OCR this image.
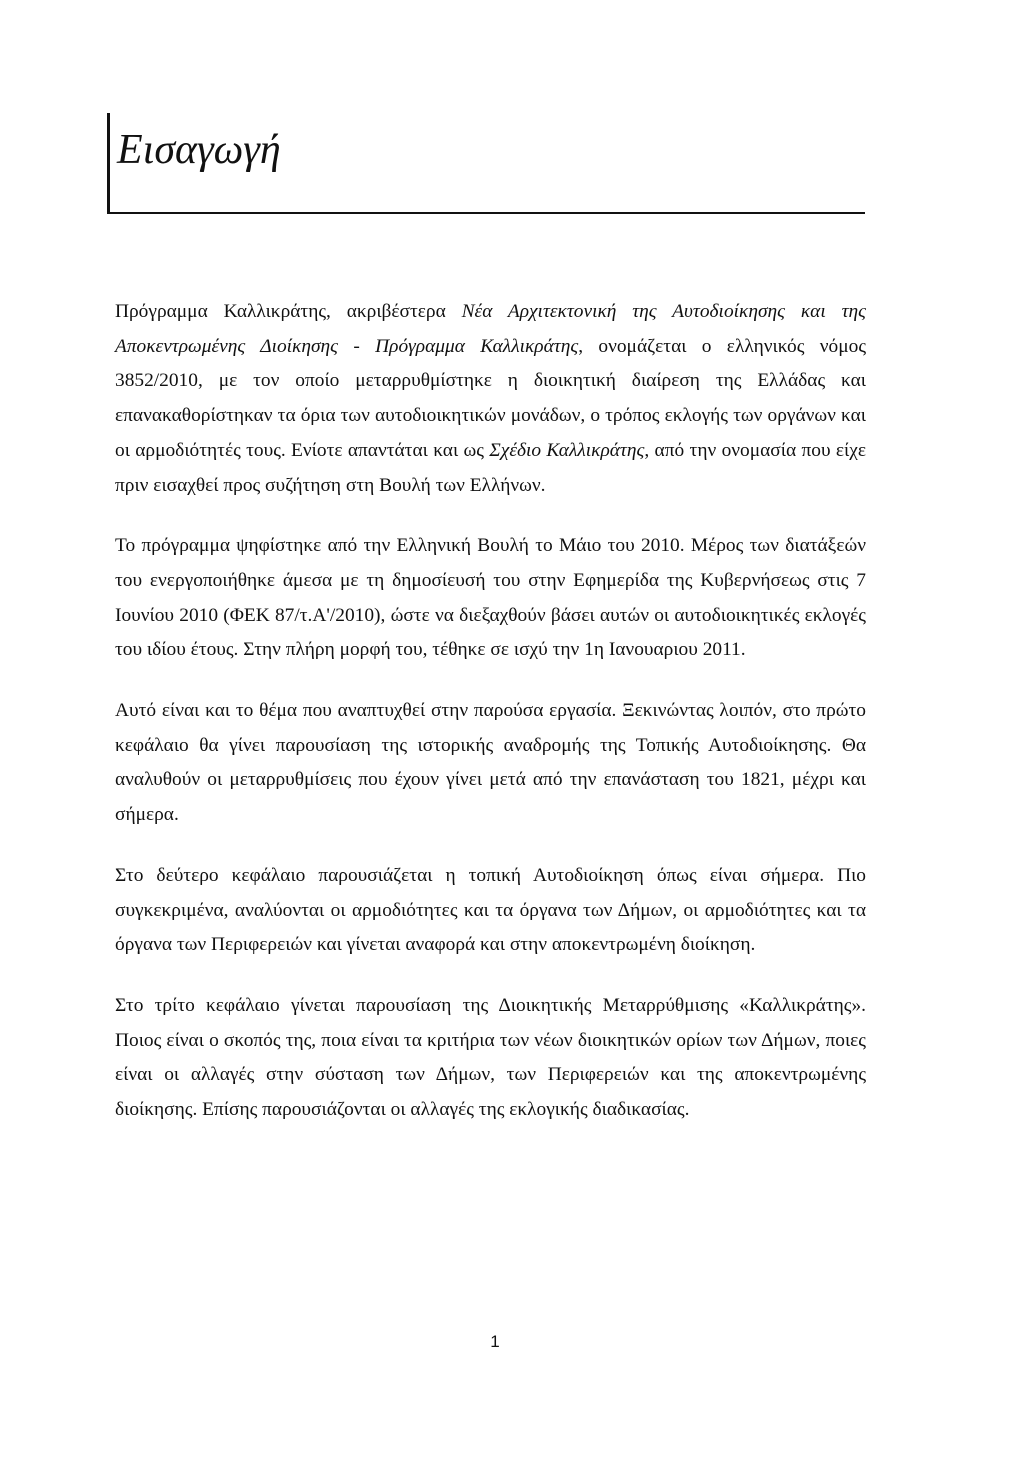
Εισαγωγή

Πρόγραμμα Καλλικράτης, ακριβέστερα Νέα Αρχιτεκτονική της Αυτοδιοίκησης και της Αποκεντρωμένης Διοίκησης - Πρόγραμμα Καλλικράτης, ονομάζεται ο ελληνικός νόμος 3852/2010, με τον οποίο μεταρρυθμίστηκε η διοικητική διαίρεση της Ελλάδας και επανακαθορίστηκαν τα όρια των αυτοδιοικητικών μονάδων, ο τρόπος εκλογής των οργάνων και οι αρμοδιότητές τους. Ενίοτε απαντάται και ως Σχέδιο Καλλικράτης, από την ονομασία που είχε πριν εισαχθεί προς συζήτηση στη Βουλή των Ελλήνων.

Το πρόγραμμα ψηφίστηκε από την Ελληνική Βουλή το Μάιο του 2010. Μέρος των διατάξεών του ενεργοποιήθηκε άμεσα με τη δημοσίευσή του στην Εφημερίδα της Κυβερνήσεως στις 7 Ιουνίου 2010 (ΦΕΚ 87/τ.Α'/2010), ώστε να διεξαχθούν βάσει αυτών οι αυτοδιοικητικές εκλογές του ιδίου έτους. Στην πλήρη μορφή του, τέθηκε σε ισχύ την 1η Ιανουαριου 2011.

Αυτό είναι και το θέμα που αναπτυχθεί στην παρούσα εργασία. Ξεκινώντας λοιπόν, στο πρώτο κεφάλαιο θα γίνει παρουσίαση της ιστορικής αναδρομής της Τοπικής Αυτοδιοίκησης. Θα αναλυθούν οι μεταρρυθμίσεις που έχουν γίνει μετά από την επανάσταση του 1821, μέχρι και σήμερα.

Στο δεύτερο κεφάλαιο παρουσιάζεται η τοπική Αυτοδιοίκηση όπως είναι σήμερα. Πιο συγκεκριμένα, αναλύονται οι αρμοδιότητες και τα όργανα των Δήμων, οι αρμοδιότητες και τα όργανα των Περιφερειών και γίνεται αναφορά και στην αποκεντρωμένη διοίκηση.

Στο τρίτο κεφάλαιο γίνεται παρουσίαση της Διοικητικής Μεταρρύθμισης «Καλλικράτης». Ποιος είναι ο σκοπός της, ποια είναι τα κριτήρια των νέων διοικητικών ορίων των Δήμων, ποιες είναι οι αλλαγές στην σύσταση των Δήμων, των Περιφερειών και της αποκεντρωμένης διοίκησης. Επίσης παρουσιάζονται οι αλλαγές της εκλογικής διαδικασίας.

1
